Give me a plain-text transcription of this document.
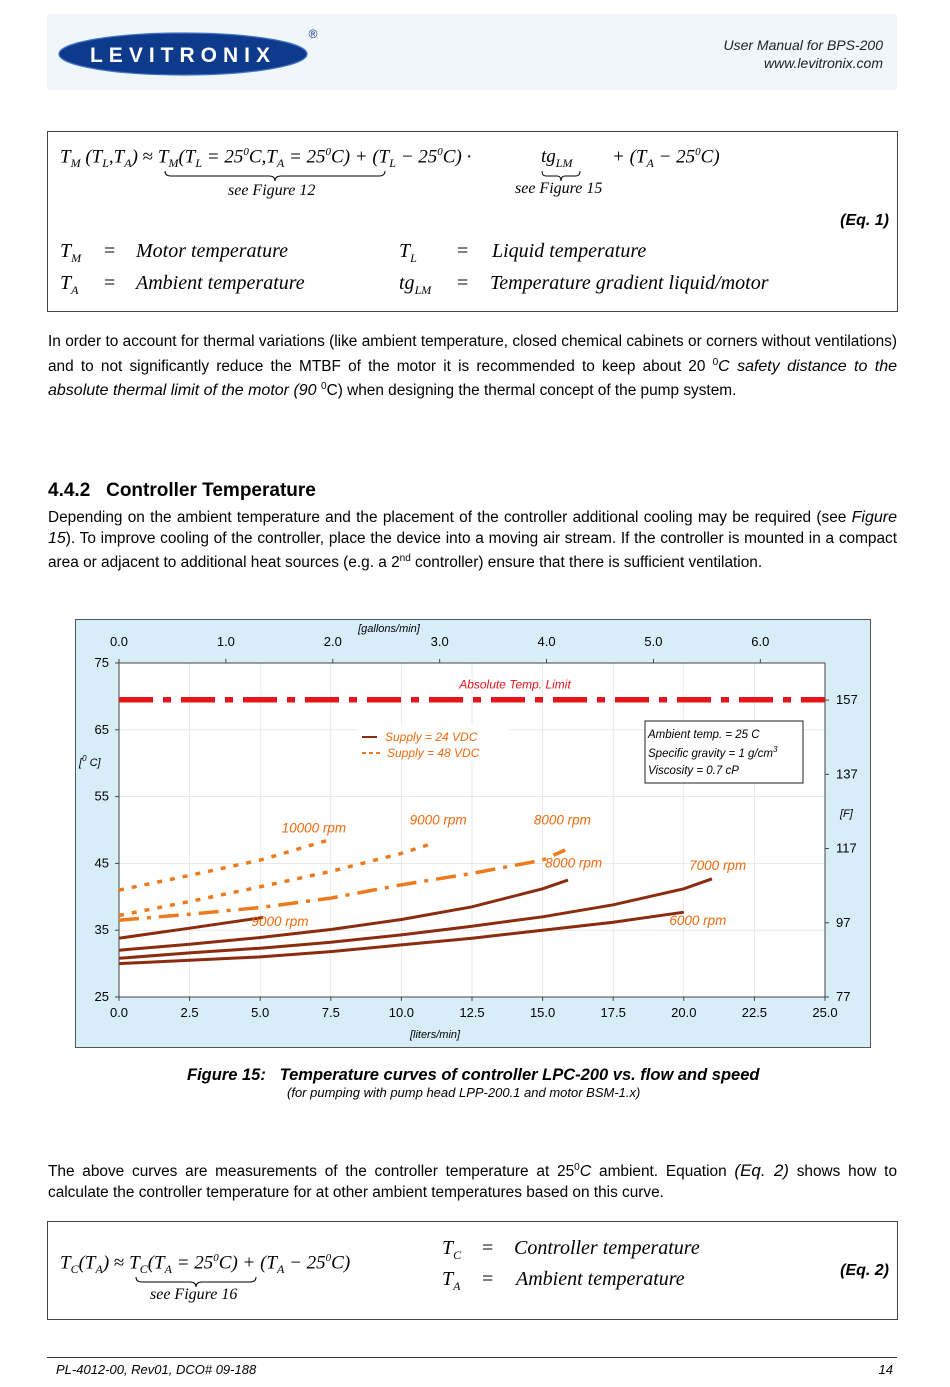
LEVITRONIX
®
User Manual for BPS-200
www.levitronix.com
$T_M$ $(T_L,T_A) \approx T_M(T_L = 25^0C,T_A = 25^0C) + (T_L - 25^0C)$ ·	$tg_{LM} + (T_A - 25^0C)$
see Figure 12	see Figure 15
(Eq. 1)
$T_M$ = Motor temperature	$T_L$ = Liquid temperature
$T_A$ = Ambient temperature	$tg_{LM}$ = Temperature gradient liquid/motor
In order to account for thermal variations (like ambient temperature, closed chemical cabinets or corners without ventilations) and to not significantly reduce the MTBF of the motor it is recommended to keep about 20 $^0$C safety distance to the absolute thermal limit of the motor (90 $^0$C) when designing the thermal concept of the pump system.
4.4.2 Controller Temperature
Depending on the ambient temperature and the placement of the controller additional cooling may be required (see Figure 15). To improve cooling of the controller, place the device into a moving air stream. If the controller is mounted in a compact area or adjacent to additional heat sources (e.g. a 2nd controller) ensure that there is sufficient ventilation.
25
35
45
55
65
75
0.0	2.5	5.0	7.5	10.0	12.5	15.0	17.5	20.0	22.5	25.0
0.0	1.0	2.0	3.0	4.0	5.0	6.0
77
97
117
137
157
[gallons/min]
[liters/min]
[$^0$ C]
[F]
Absolute Temp. Limit
Supply = 24 VDC
Supply = 48 VDC
Ambient temp. = 25 C
Specific gravity = 1 $g/cm^3$
Viscosity = 0.7 cP
10000 rpm
9000 rpm	8000 rpm
8000 rpm	7000 rpm
9000 rpm	6000 rpm
Figure 15: Temperature curves of controller LPC-200 vs. flow and speed
(for pumping with pump head LPP-200.1 and motor BSM-1.x)
The above curves are measurements of the controller temperature at $25^0C$ ambient. Equation (Eq. 2) shows how to calculate the controller temperature for at other ambient temperatures based on this curve.
$T_C(T_A) \approx T_C(T_A = 25^0C) + (T_A - 25^0C)$
see Figure 16
$T_C$ = Controller temperature
$T_A$ = Ambient temperature	(Eq. 2)
PL-4012-00, Rev01, DCO# 09-188	14
